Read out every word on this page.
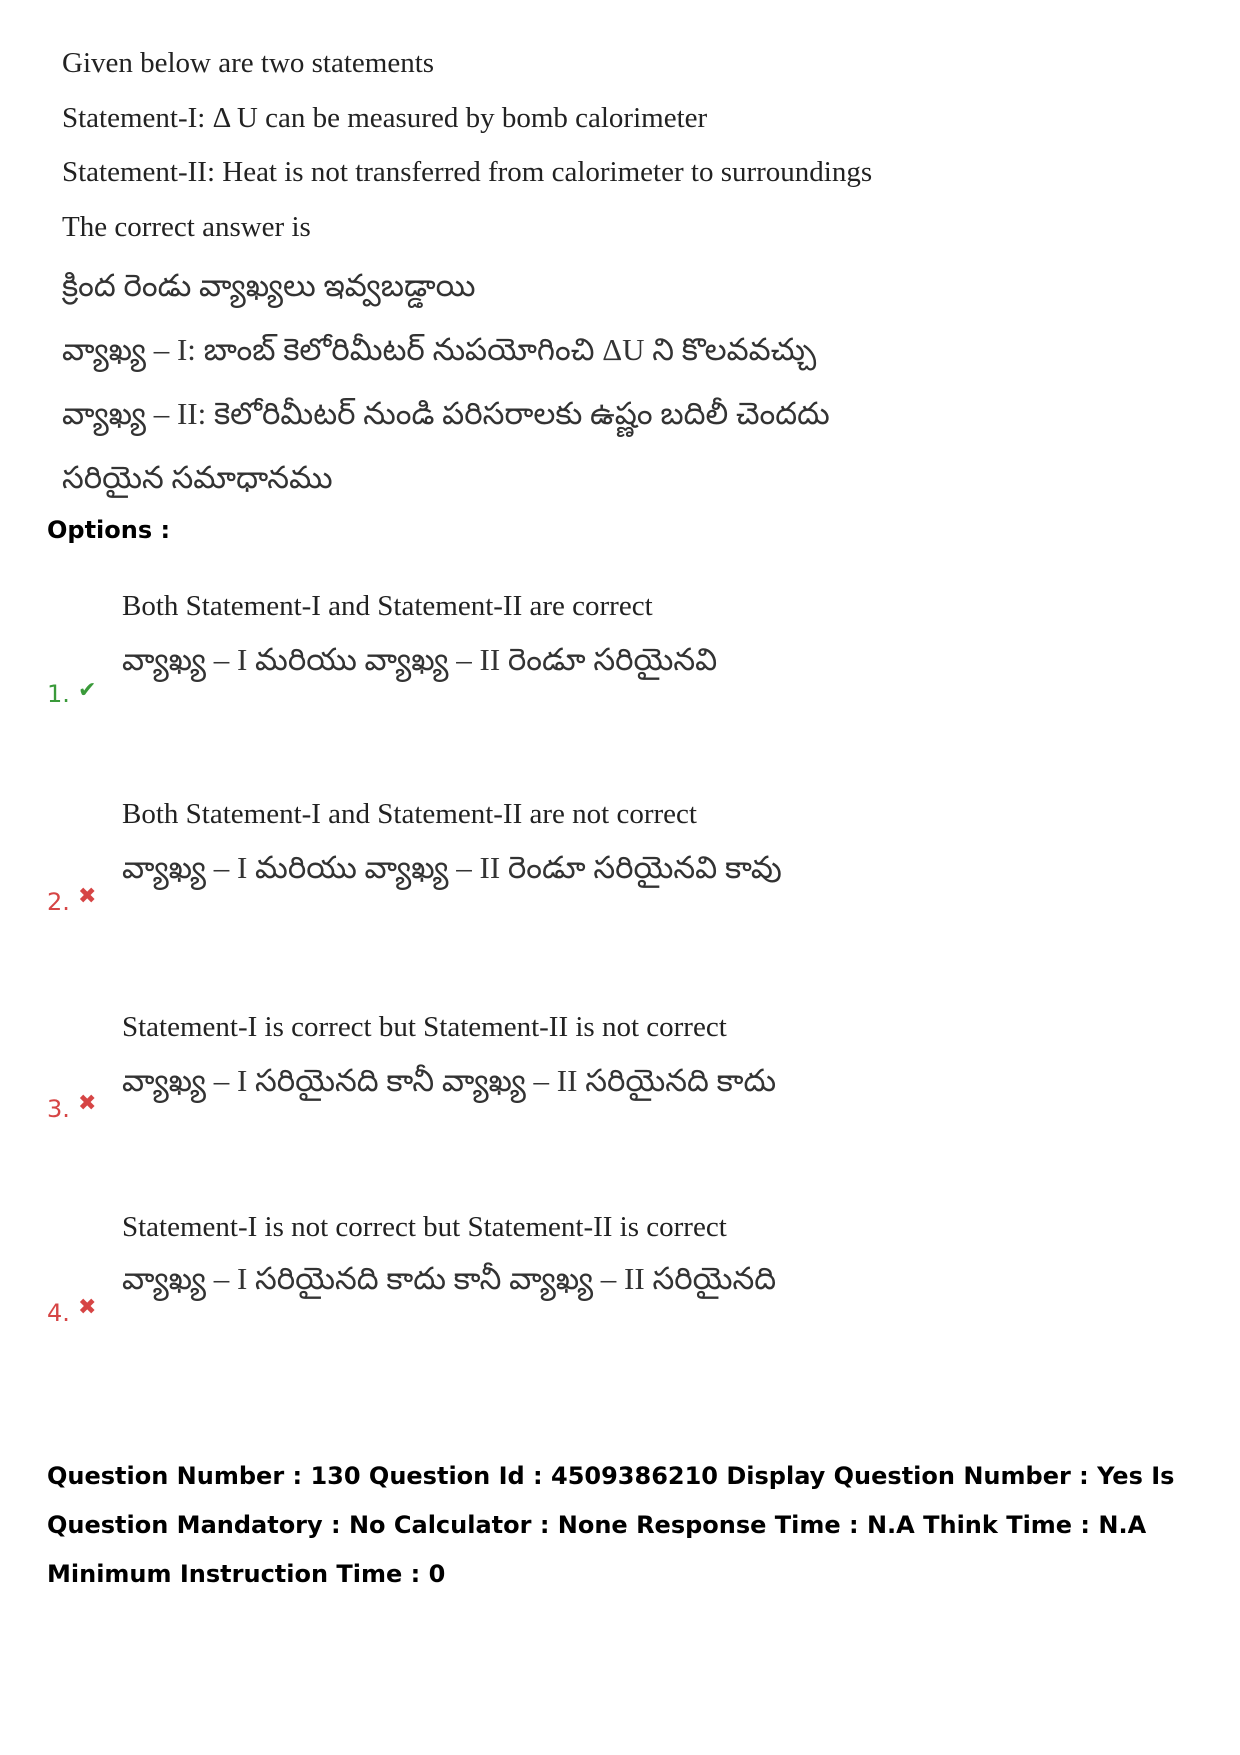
Given below are two statements
Statement-I: Δ U can be measured by bomb calorimeter
Statement-II: Heat is not transferred from calorimeter to surroundings
The correct answer is
క్రింద రెండు వ్యాఖ్యలు ఇవ్వబడ్డాయి
వ్యాఖ్య – I: బాంబ్ కెలోరిమీటర్ నుపయోగించి ΔU ని కొలవవచ్చు
వ్యాఖ్య – II: కెలోరిమీటర్ నుండి పరిసరాలకు ఉష్ణం బదిలీ చెందదు
సరియైన సమాధానము
Options :
Both Statement-I and Statement-II are correct
వ్యాఖ్య – I మరియు వ్యాఖ్య – II రెండూ సరియైనవి
1. ✔
Both Statement-I and Statement-II are not correct
వ్యాఖ్య – I మరియు వ్యాఖ్య – II రెండూ సరియైనవి కావు
2. ✖
Statement-I is correct but Statement-II is not correct
వ్యాఖ్య – I సరియైనది కానీ వ్యాఖ్య – II సరియైనది కాదు
3. ✖
Statement-I is not correct but Statement-II is correct
వ్యాఖ్య – I సరియైనది కాదు కానీ వ్యాఖ్య – II సరియైనది
4. ✖
Question Number : 130 Question Id : 4509386210 Display Question Number : Yes Is Question Mandatory : No Calculator : None Response Time : N.A Think Time : N.A Minimum Instruction Time : 0
